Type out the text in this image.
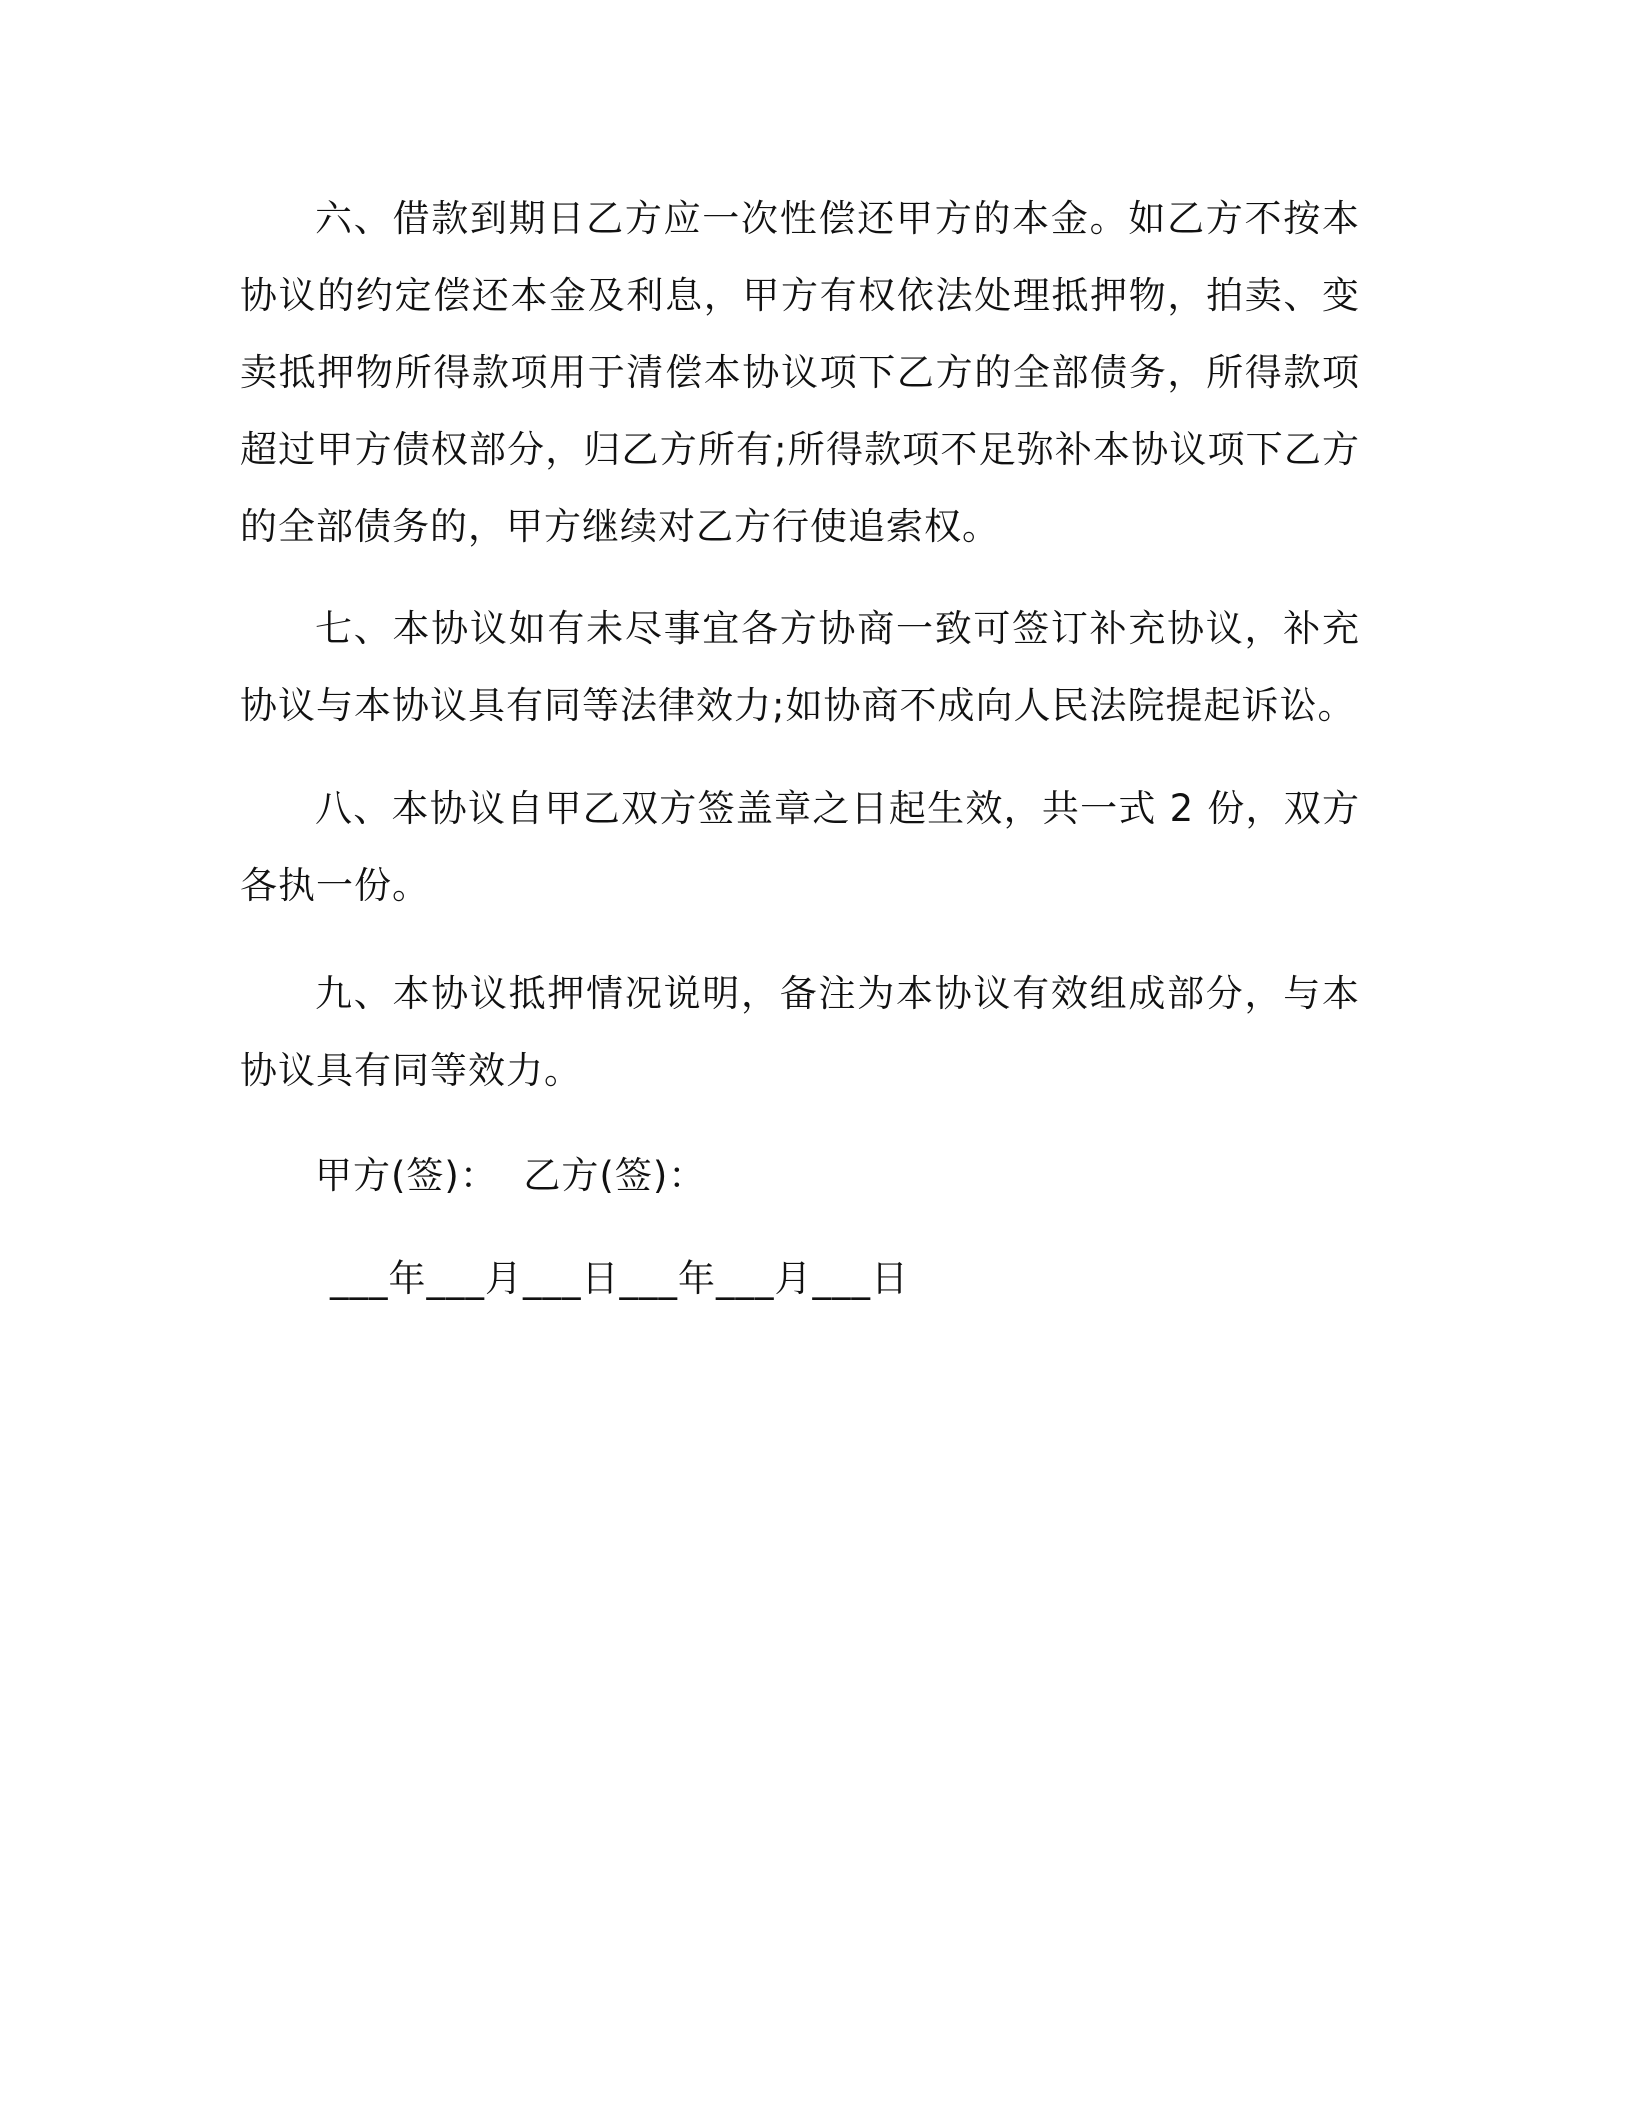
六、借款到期日乙方应一次性偿还甲方的本金。如乙方不按本协议的约定偿还本金及利息，甲方有权依法处理抵押物，拍卖、变卖抵押物所得款项用于清偿本协议项下乙方的全部债务，所得款项超过甲方债权部分，归乙方所有;所得款项不足弥补本协议项下乙方的全部债务的，甲方继续对乙方行使追索权。

七、本协议如有未尽事宜各方协商一致可签订补充协议，补充协议与本协议具有同等法律效力;如协商不成向人民法院提起诉讼。

八、本协议自甲乙双方签盖章之日起生效，共一式 2 份，双方各执一份。

九、本协议抵押情况说明，备注为本协议有效组成部分，与本协议具有同等效力。

甲方(签)：  乙方(签)：

___年___月___日___年___月___日
